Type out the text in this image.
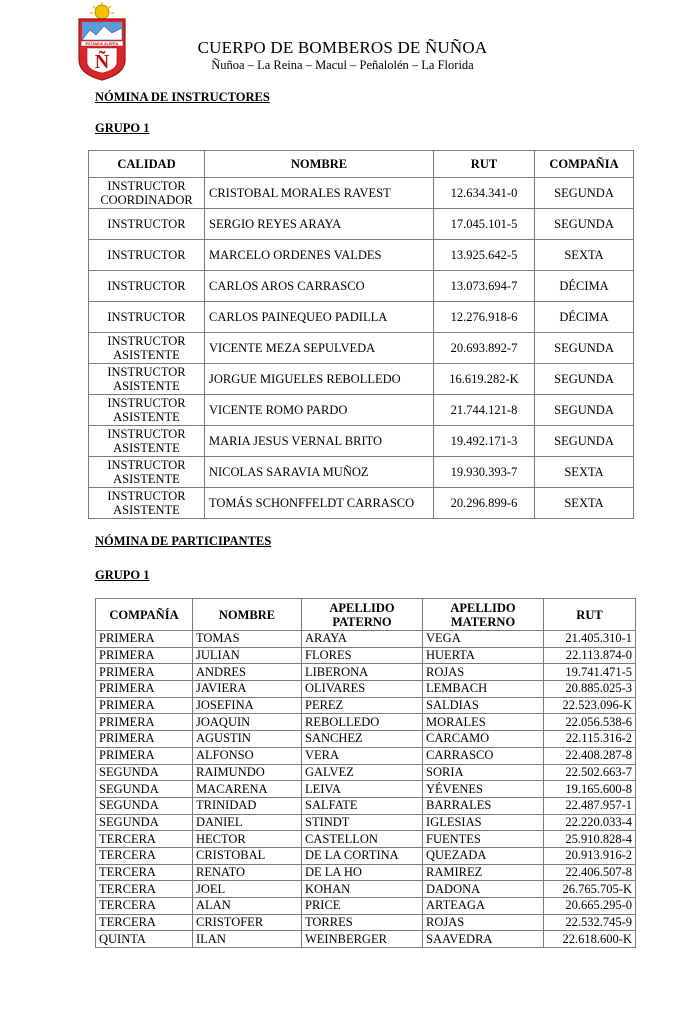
ESTAMOS ALERTA
Ñ
CUERPO DE BOMBEROS DE ÑUÑOA
Ñuñoa – La Reina – Macul – Peñalolén – La Florida
NÓMINA DE INSTRUCTORES
GRUPO 1
CALIDAD	NOMBRE	RUT	COMPAÑIA
INSTRUCTOR COORDINADOR	CRISTOBAL MORALES RAVEST	12.634.341-0	SEGUNDA
INSTRUCTOR	SERGIO REYES ARAYA	17.045.101-5	SEGUNDA
INSTRUCTOR	MARCELO ORDENES VALDES	13.925.642-5	SEXTA
INSTRUCTOR	CARLOS AROS CARRASCO	13.073.694-7	DÉCIMA
INSTRUCTOR	CARLOS PAINEQUEO PADILLA	12.276.918-6	DÉCIMA
INSTRUCTOR ASISTENTE	VICENTE MEZA SEPULVEDA	20.693.892-7	SEGUNDA
INSTRUCTOR ASISTENTE	JORGUE MIGUELES REBOLLEDO	16.619.282-K	SEGUNDA
INSTRUCTOR ASISTENTE	VICENTE ROMO PARDO	21.744.121-8	SEGUNDA
INSTRUCTOR ASISTENTE	MARIA JESUS VERNAL BRITO	19.492.171-3	SEGUNDA
INSTRUCTOR ASISTENTE	NICOLAS SARAVIA MUÑOZ	19.930.393-7	SEXTA
INSTRUCTOR ASISTENTE	TOMÁS SCHONFFELDT CARRASCO	20.296.899-6	SEXTA
NÓMINA DE PARTICIPANTES
GRUPO 1
COMPAÑÍA	NOMBRE	APELLIDO PATERNO	APELLIDO MATERNO	RUT
PRIMERA	TOMAS	ARAYA	VEGA	21.405.310-1
PRIMERA	JULIAN	FLORES	HUERTA	22.113.874-0
PRIMERA	ANDRES	LIBERONA	ROJAS	19.741.471-5
PRIMERA	JAVIERA	OLIVARES	LEMBACH	20.885.025-3
PRIMERA	JOSEFINA	PEREZ	SALDIAS	22.523.096-K
PRIMERA	JOAQUIN	REBOLLEDO	MORALES	22.056.538-6
PRIMERA	AGUSTIN	SANCHEZ	CARCAMO	22.115.316-2
PRIMERA	ALFONSO	VERA	CARRASCO	22.408.287-8
SEGUNDA	RAIMUNDO	GALVEZ	SORIA	22.502.663-7
SEGUNDA	MACARENA	LEIVA	YÉVENES	19.165.600-8
SEGUNDA	TRINIDAD	SALFATE	BARRALES	22.487.957-1
SEGUNDA	DANIEL	STINDT	IGLESIAS	22.220.033-4
TERCERA	HECTOR	CASTELLON	FUENTES	25.910.828-4
TERCERA	CRISTOBAL	DE LA CORTINA	QUEZADA	20.913.916-2
TERCERA	RENATO	DE LA HO	RAMIREZ	22.406.507-8
TERCERA	JOEL	KOHAN	DADONA	26.765.705-K
TERCERA	ALAN	PRICE	ARTEAGA	20.665.295-0
TERCERA	CRISTOFER	TORRES	ROJAS	22.532.745-9
QUINTA	ILAN	WEINBERGER	SAAVEDRA	22.618.600-K
